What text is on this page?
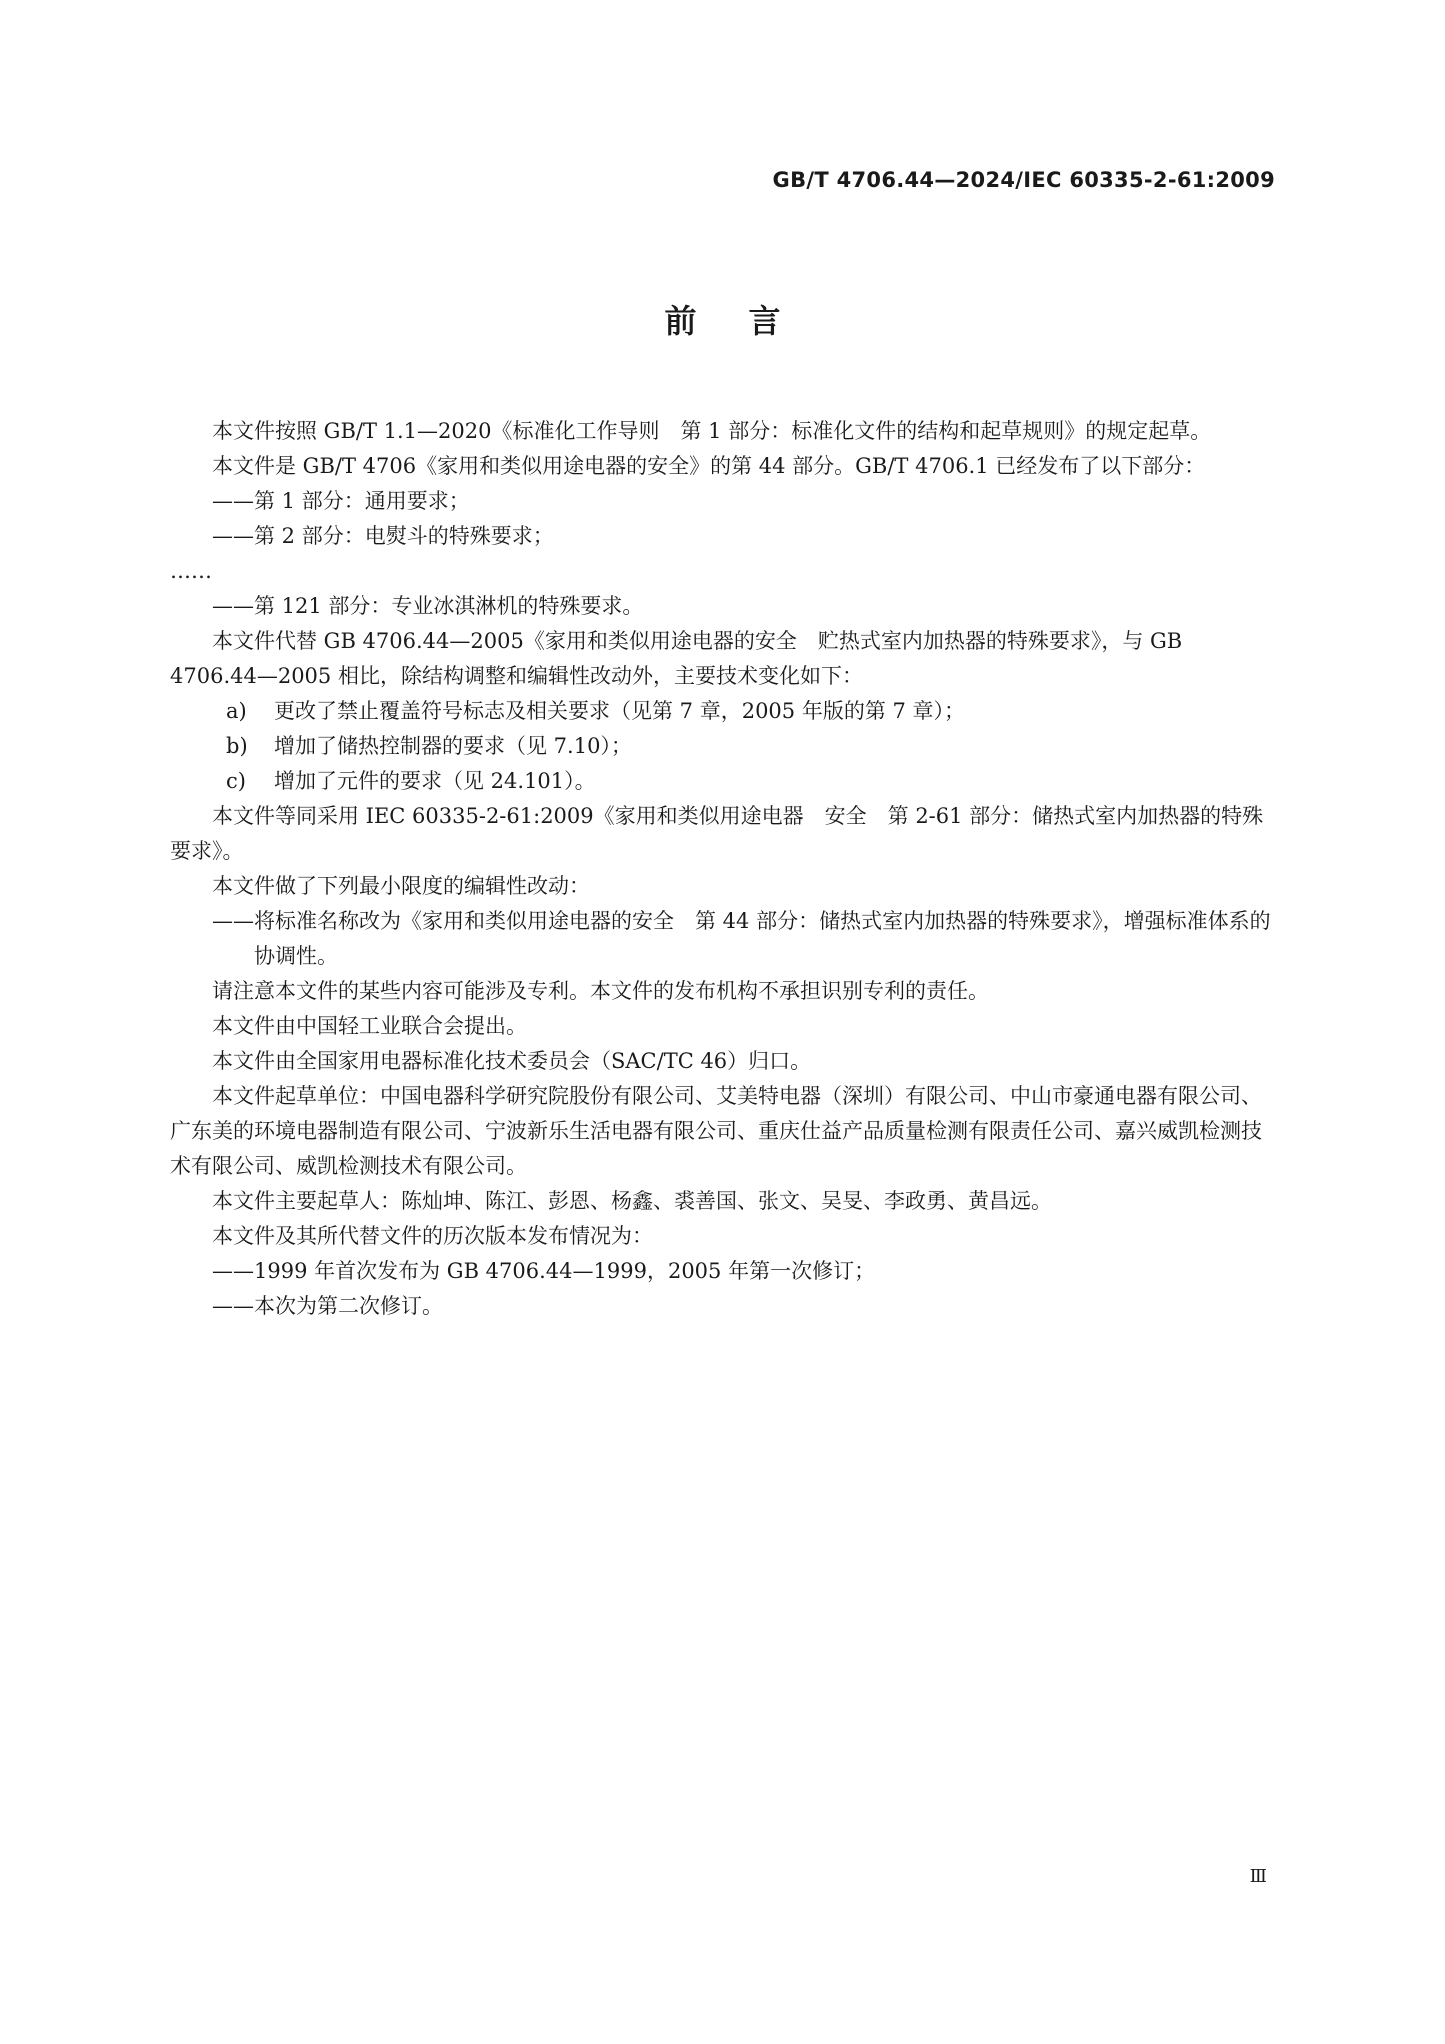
GB/T 4706.44—2024/IEC 60335-2-61:2009
前 言

本文件按照 GB/T 1.1—2020《标准化工作导则　第 1 部分：标准化文件的结构和起草规则》的规定起草。

本文件是 GB/T 4706《家用和类似用途电器的安全》的第 44 部分。GB/T 4706.1 已经发布了以下部分：

——第 1 部分：通用要求；

——第 2 部分：电熨斗的特殊要求；

……

——第 121 部分：专业冰淇淋机的特殊要求。

本文件代替 GB 4706.44—2005《家用和类似用途电器的安全　贮热式室内加热器的特殊要求》，与 GB 4706.44—2005 相比，除结构调整和编辑性改动外，主要技术变化如下：

a) 更改了禁止覆盖符号标志及相关要求（见第 7 章，2005 年版的第 7 章）；

b) 增加了储热控制器的要求（见 7.10）；

c) 增加了元件的要求（见 24.101）。

本文件等同采用 IEC 60335-2-61:2009《家用和类似用途电器　安全　第 2-61 部分：储热式室内加热器的特殊要求》。

本文件做了下列最小限度的编辑性改动：

——将标准名称改为《家用和类似用途电器的安全　第 44 部分：储热式室内加热器的特殊要求》，增强标准体系的协调性。

请注意本文件的某些内容可能涉及专利。本文件的发布机构不承担识别专利的责任。

本文件由中国轻工业联合会提出。

本文件由全国家用电器标准化技术委员会（SAC/TC 46）归口。

本文件起草单位：中国电器科学研究院股份有限公司、艾美特电器（深圳）有限公司、中山市豪通电器有限公司、广东美的环境电器制造有限公司、宁波新乐生活电器有限公司、重庆仕益产品质量检测有限责任公司、嘉兴威凯检测技术有限公司、威凯检测技术有限公司。

本文件主要起草人：陈灿坤、陈江、彭恩、杨鑫、裘善国、张文、吴旻、李政勇、黄昌远。

本文件及其所代替文件的历次版本发布情况为：

——1999 年首次发布为 GB 4706.44—1999，2005 年第一次修订；

——本次为第二次修订。

Ⅲ
